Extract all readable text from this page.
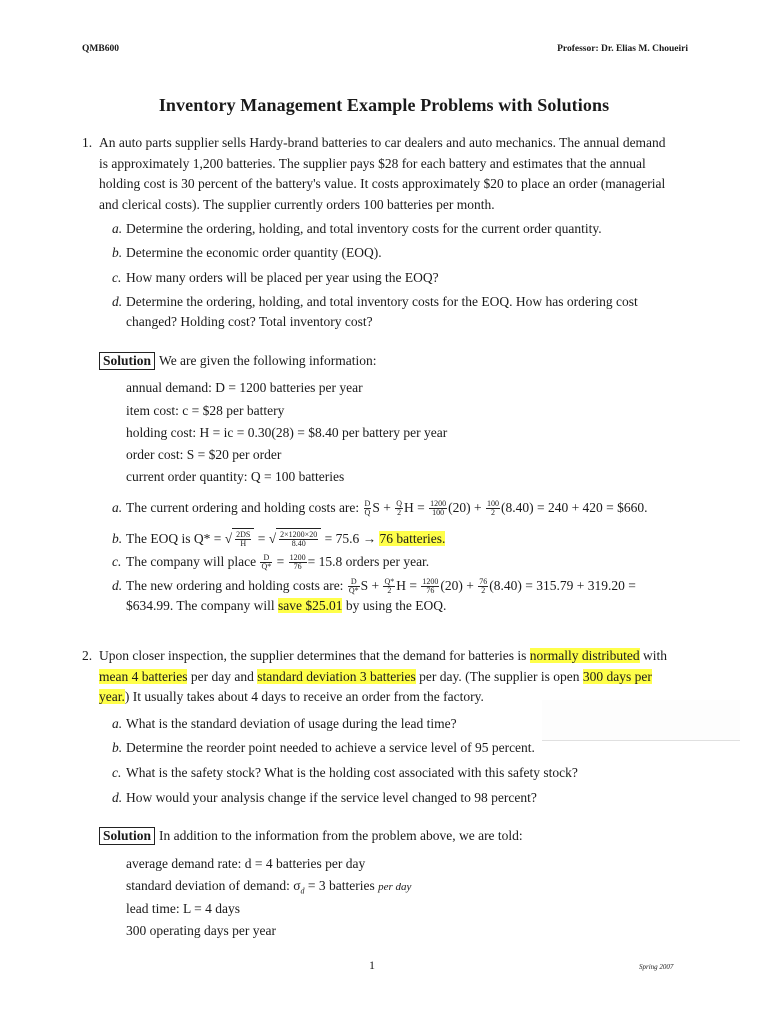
QMB600	Professor: Dr. Elias M. Choueiri
Inventory Management Example Problems with Solutions
1. An auto parts supplier sells Hardy-brand batteries to car dealers and auto mechanics. The annual demand
is approximately 1,200 batteries. The supplier pays $28 for each battery and estimates that the annual
holding cost is 30 percent of the battery's value. It costs approximately $20 to place an order (managerial
and clerical costs). The supplier currently orders 100 batteries per month.
a. Determine the ordering, holding, and total inventory costs for the current order quantity.
b. Determine the economic order quantity (EOQ).
c. How many orders will be placed per year using the EOQ?
d. Determine the ordering, holding, and total inventory costs for the EOQ. How has ordering cost
changed? Holding cost? Total inventory cost?
Solution We are given the following information:
annual demand: D = 1200 batteries per year
item cost: c = $28 per battery
holding cost: H = ic = 0.30(28) = $8.40 per battery per year
order cost: S = $20 per order
current order quantity: Q = 100 batteries
a. The current ordering and holding costs are: $\frac{D}{Q}$ $S + \frac{Q}{2}$ $H = \frac{1200}{100} (20) + \frac{100}{2} (8.40) = 240 + 420$ = $660.
b. The EOQ is Q* = √ $\frac{2DS}{H}$ = √ $\frac{2\times 1200\times 20}{8.40} = 75.6 \to 76$ batteries.
c. The company will place $\frac{D}{Q*} = \frac{1200}{76} = 15.8$ orders per year.
d. The new ordering and holding costs are: $\frac{D}{Q*}$ $S + \frac{Q*}{2}$ $H = \frac{1200}{76} (20) + \frac{76}{2} (8.40) = 315.79 + 319.20$ =
$634.99. The company will save $25.01 by using the EOQ.
2. Upon closer inspection, the supplier determines that the demand for batteries is normally distributed with
mean 4 batteries per day and standard deviation 3 batteries per day. (The supplier is open 300 days per
year.) It usually takes about 4 days to receive an order from the factory.
a. What is the standard deviation of usage during the lead time?
b. Determine the reorder point needed to achieve a service level of 95 percent.
c. What is the safety stock? What is the holding cost associated with this safety stock?
d. How would your analysis change if the service level changed to 98 percent?
Solution In addition to the information from the problem above, we are told:
average demand rate: d = 4 batteries per day
standard deviation of demand: $\sigma_d = 3$ batteries per day
lead time: L = 4 days
300 operating days per year
1	Spring 2007
